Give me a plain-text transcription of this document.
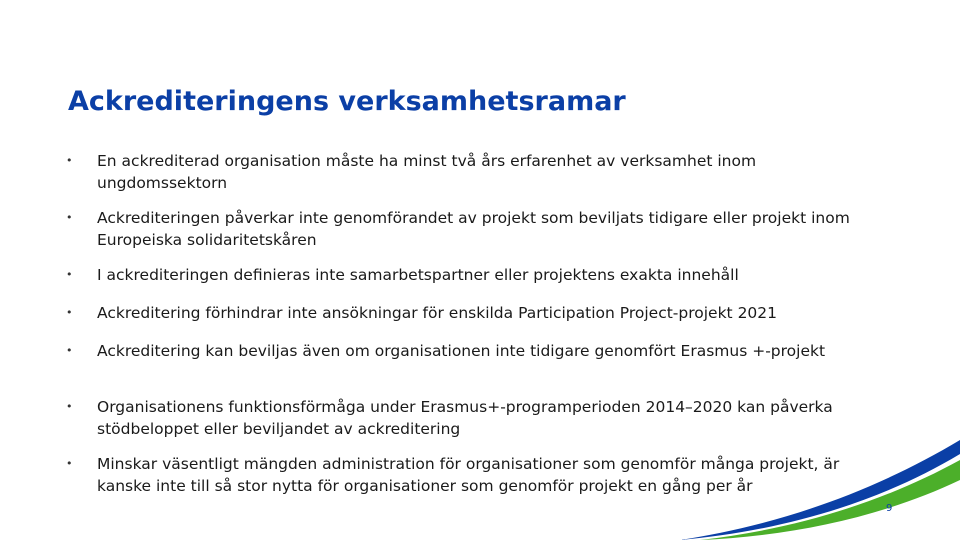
Ackrediteringens verksamhetsramar
•	En ackrediterad organisation måste ha minst två års erfarenhet av verksamhet inom ungdomssektorn
•	Ackrediteringen påverkar inte genomförandet av projekt som beviljats tidigare eller projekt inom Europeiska solidaritetskåren
•	I ackrediteringen definieras inte samarbetspartner eller projektens exakta innehåll
•	Ackreditering förhindrar inte ansökningar för enskilda Participation Project-projekt 2021
•	Ackreditering kan beviljas även om organisationen inte tidigare genomfört Erasmus +-projekt
•	Organisationens funktionsförmåga under Erasmus+-programperioden 2014–2020 kan påverka stödbeloppet eller beviljandet av ackreditering
•	Minskar väsentligt mängden administration för organisationer som genomför många projekt, är kanske inte till så stor nytta för organisationer som genomför projekt en gång per år
9
